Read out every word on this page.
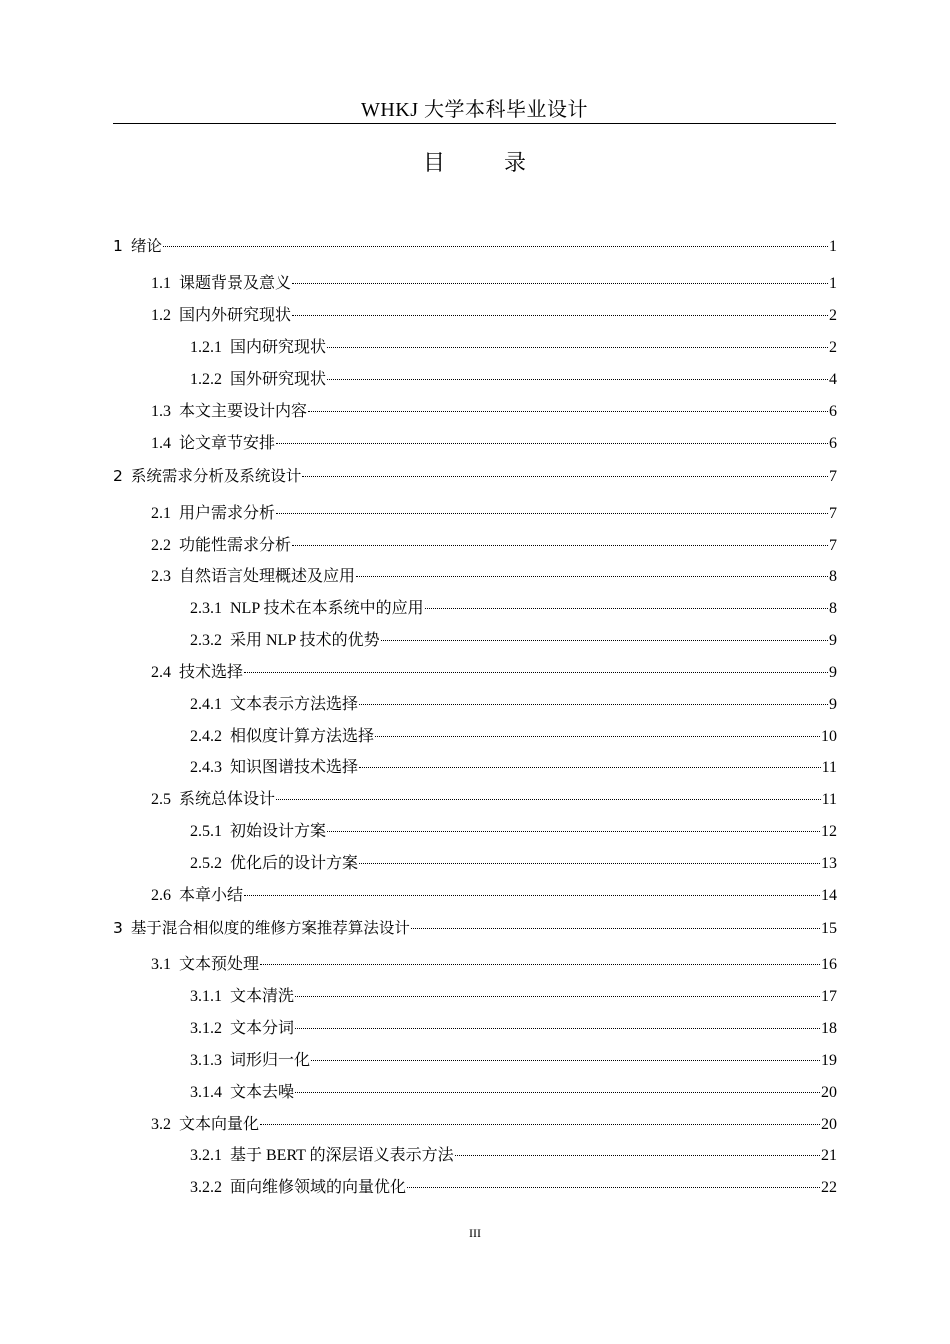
WHKJ 大学本科毕业设计
目 录
1 绪论	1
1.1 课题背景及意义	1
1.2 国内外研究现状	2
1.2.1 国内研究现状	2
1.2.2 国外研究现状	4
1.3 本文主要设计内容	6
1.4 论文章节安排	6
2 系统需求分析及系统设计	7
2.1 用户需求分析	7
2.2 功能性需求分析	7
2.3 自然语言处理概述及应用	8
2.3.1 NLP 技术在本系统中的应用	8
2.3.2 采用 NLP 技术的优势	9
2.4 技术选择	9
2.4.1 文本表示方法选择	9
2.4.2 相似度计算方法选择	10
2.4.3 知识图谱技术选择	11
2.5 系统总体设计	11
2.5.1 初始设计方案	12
2.5.2 优化后的设计方案	13
2.6 本章小结	14
3 基于混合相似度的维修方案推荐算法设计	15
3.1 文本预处理	16
3.1.1 文本清洗	17
3.1.2 文本分词	18
3.1.3 词形归一化	19
3.1.4 文本去噪	20
3.2 文本向量化	20
3.2.1 基于 BERT 的深层语义表示方法	21
3.2.2 面向维修领域的向量优化	22
III
